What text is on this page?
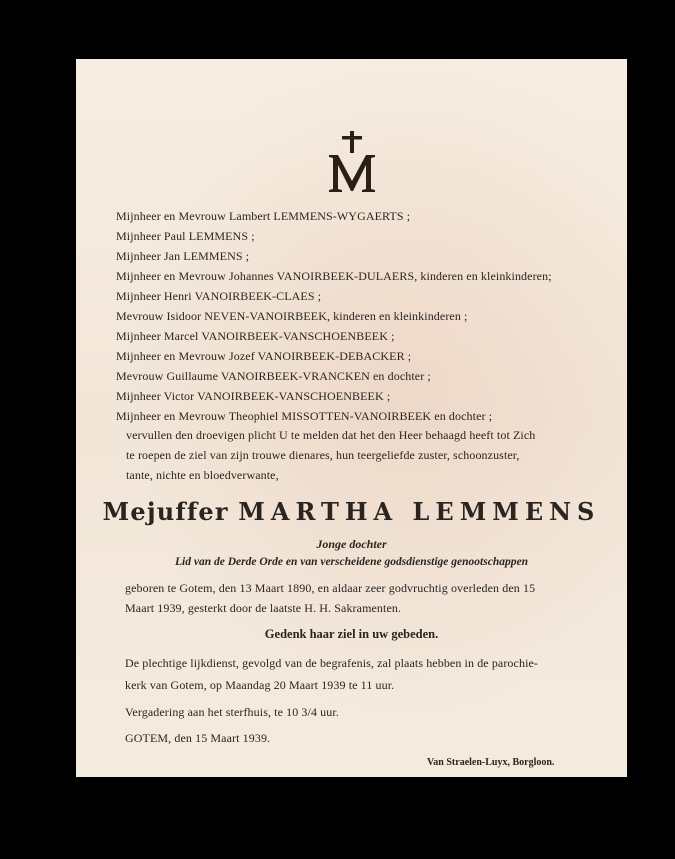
Mijnheer en Mevrouw Lambert LEMMENS-WYGAERTS ;
Mijnheer Paul LEMMENS ;
Mijnheer Jan LEMMENS ;
Mijnheer en Mevrouw Johannes VANOIRBEEK-DULAERS, kinderen en kleinkinderen;
Mijnheer Henri VANOIRBEEK-CLAES ;
Mevrouw Isidoor NEVEN-VANOIRBEEK, kinderen en kleinkinderen ;
Mijnheer Marcel VANOIRBEEK-VANSCHOENBEEK ;
Mijnheer en Mevrouw Jozef VANOIRBEEK-DEBACKER ;
Mevrouw Guillaume VANOIRBEEK-VRANCKEN en dochter ;
Mijnheer Victor VANOIRBEEK-VANSCHOENBEEK ;
Mijnheer en Mevrouw Theophiel MISSOTTEN-VANOIRBEEK en dochter ;
vervullen den droevigen plicht U te melden dat het den Heer behaagd heeft tot Zich
te roepen de ziel van zijn trouwe dienares, hun teergeliefde zuster, schoonzuster,
tante, nichte en bloedverwante,
Mejuffer MARTHA LEMMENS
Jonge dochter
Lid van de Derde Orde en van verscheidene godsdienstige genootschappen
geboren te Gotem, den 13 Maart 1890, en aldaar zeer godvruchtig overleden den 15
Maart 1939, gesterkt door de laatste H. H. Sakramenten.
Gedenk haar ziel in uw gebeden.
De plechtige lijkdienst, gevolgd van de begrafenis, zal plaats hebben in de parochie-
kerk van Gotem, op Maandag 20 Maart 1939 te 11 uur.
Vergadering aan het sterfhuis, te 10 3/4 uur.
GOTEM, den 15 Maart 1939.
Van Straelen-Luyx, Borgloon.
